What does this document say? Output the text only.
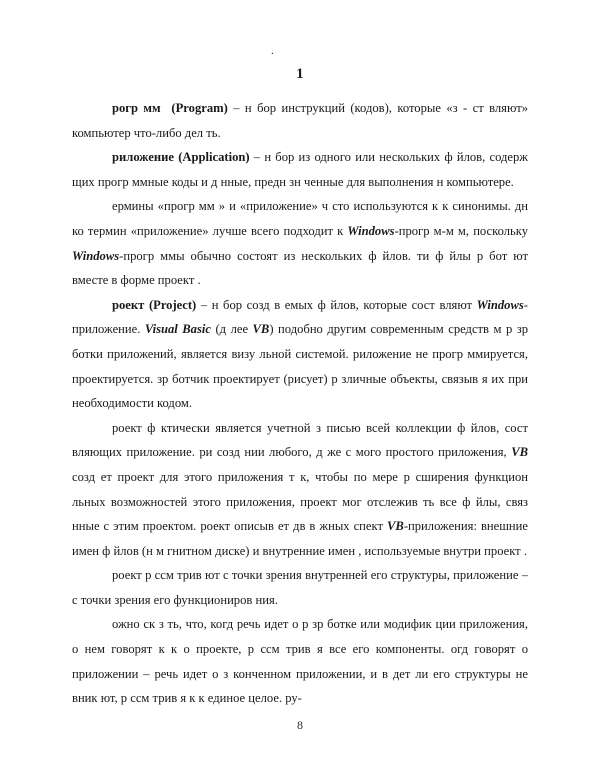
.
1

рогр мм (Program) – н бор инструкций (кодов), которые «з - ст вляют» компьютер что-либо дел ть.

риложение (Application) – н бор из одного или нескольких ф йлов, содерж щих прогр ммные коды и д нные, предн зн ченные для выполнения н компьютере.

ермины «прогр мм » и «приложение» ч сто используются к к синонимы. дн ко термин «приложение» лучше всего подходит к Windows-прогр м-м м, поскольку Windows-прогр ммы обычно состоят из нескольких ф йлов. ти ф йлы р бот ют вместе в форме проект .

роект (Project) – н бор созд в емых ф йлов, которые сост вляют Windows-приложение. Visual Basic (д лее VB) подобно другим современным средств м р зр ботки приложений, является визу льной системой. риложение не прогр ммируется, проектируется. зр ботчик проектирует (рисует) р зличные объекты, связыв я их при необходимости кодом.

роект ф ктически является учетной з писью всей коллекции ф йлов, сост вляющих приложение. ри созд нии любого, д же с мого простого приложения, VB созд ет проект для этого приложения т к, чтобы по мере р сширения функцион льных возможностей этого приложения, проект мог отслежив ть все ф йлы, связ нные с этим проектом. роект описыв ет дв в жных спект VB-приложения: внешние имен ф йлов (н м гнитном диске) и внутренние имен , используемые внутри проект .

роект р ссм трив ют с точки зрения внутренней его структуры, приложение – с точки зрения его функциониров ния.

ожно ск з ть, что, когд речь идет о р зр ботке или модифик ции приложения, о нем говорят к к о проекте, р ссм трив я все его компоненты. огд говорят о приложении – речь идет о з конченном приложении, и в дет ли его структуры не вник ют, р ссм трив я к к единое целое. ру-

8
